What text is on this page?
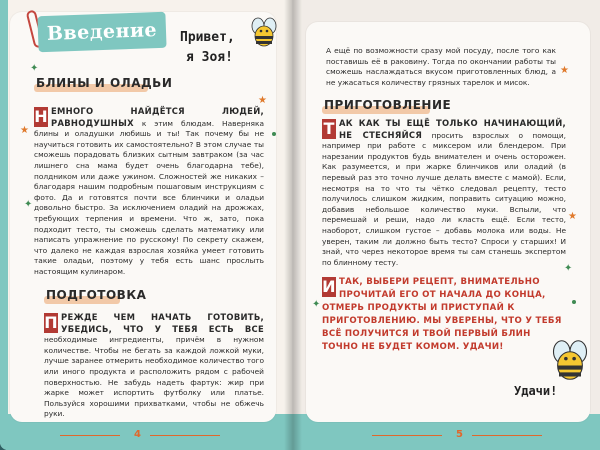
Введение	Привет,
я Зоя!
✦
★
★
✦
БЛИНЫ И ОЛАДЬИ
Н ЕМНОГО НАЙДЁТСЯ ЛЮДЕЙ, РАВНОДУШНЫХ к этим блюдам. Наверняка блины и оладушки любишь и ты! Так почему бы не научиться готовить их самостоятельно? В этом случае ты сможешь порадовать близких сытным завтраком (за час лишнего сна мама будет очень благодарна тебе), полдником или даже ужином. Сложностей же никаких – благодаря нашим подробным пошаговым инструкциям с фото. Да и готовятся почти все блинчики и оладьи довольно быстро. За исключением оладий на дрожжах, требующих терпения и времени. Что ж, зато, пока подходит тесто, ты сможешь сделать математику или написать упражнение по русскому! По секрету скажем, что далеко не каждая взрослая хозяйка умеет готовить такие оладьи, поэтому у тебя есть шанс прослыть настоящим кулинаром.
ПОДГОТОВКА
П РЕЖДЕ ЧЕМ НАЧАТЬ ГОТОВИТЬ, УБЕДИСЬ, ЧТО У ТЕБЯ ЕСТЬ ВСЕ необходимые ингредиенты, причём в нужном количестве. Чтобы не бегать за каждой ложкой муки, лучше заранее отмерить необходимое количество того или иного продукта и расположить рядом с рабочей поверхностью. Не забудь надеть фартук: жир при жарке может испортить футболку или платье. Пользуйся хорошими прихватками, чтобы не обжечь руки.
4
А ещё по возможности сразу мой посуду, после того как поставишь её в раковину. Тогда по окончании работы ты сможешь наслаждаться вкусом приготовленных блюд, а не ужасаться количеству грязных тарелок и мисок.
ПРИГОТОВЛЕНИЕ
Т АК КАК ТЫ ЕЩЁ ТОЛЬКО НАЧИНАЮЩИЙ, НЕ СТЕСНЯЙСЯ просить взрослых о помощи, например при работе с миксером или блендером. При нарезании продуктов будь внимателен и очень осторожен. Как разумеется, и при жарке блинчиков или оладий (в перевый раз это точно лучше делать вместе с мамой). Если, несмотря на то что ты чётко следовал рецепту, тесто получилось слишком жидким, поправить ситуацию можно, добавив небольшое количество муки. Вспыли, что перемешай и реши, надо ли класть ещё. Если тесто, наоборот, слишком густое – добавь молока или воды. Не уверен, таким ли должно быть тесто? Спроси у старших! И знай, что через некоторое время ты сам станешь экспертом по блинному тесту.
И ТАК, ВЫБЕРИ РЕЦЕПТ, ВНИМАТЕЛЬНО ПРОЧИТАЙ ЕГО ОТ НАЧАЛА ДО КОНЦА, ОТМЕРЬ ПРОДУКТЫ И ПРИСТУПАЙ К ПРИГОТОВЛЕНИЮ. МЫ УВЕРЕНЫ, ЧТО У ТЕБЯ ВСЁ ПОЛУЧИТСЯ И ТВОЙ ПЕРВЫЙ БЛИН ТОЧНО НЕ БУДЕТ КОМОМ. УДАЧИ!
Удачи!
★
★
✦
✦
5
